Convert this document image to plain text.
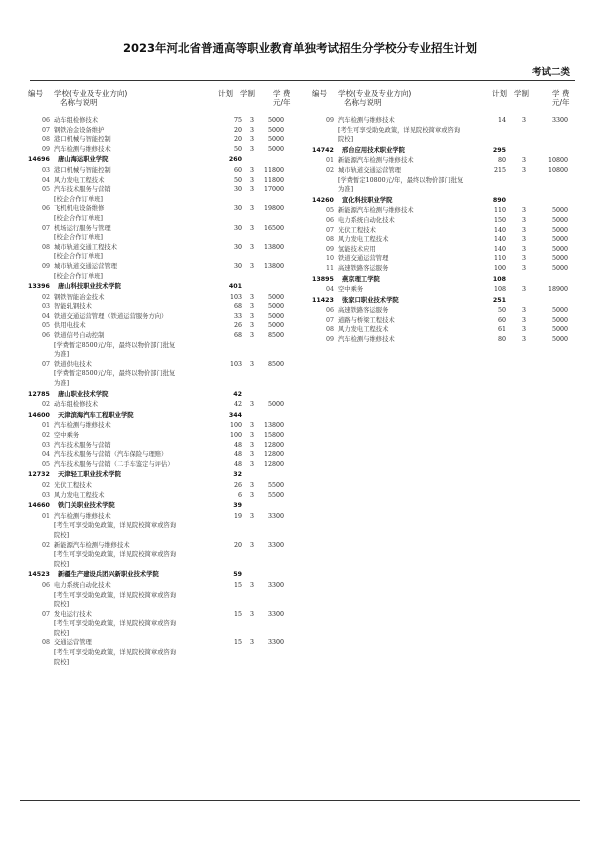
2023年河北省普通高等职业教育单独考试招生分学校分专业招生计划
考试二类
编号 学校(专业及专业方向)
名称与说明
计划 学制 学 费
元/年
06 动车组检修技术	75	3	5000
07 钢铁冶金设备维护	20	3	5000
08 港口机械与智能控制	20	3	5000
09 汽车检测与维修技术	50	3	5000
14696 唐山海运职业学院	260
03 港口机械与智能控制	60	3	11800
04 风力发电工程技术	50	3	11800
05 汽车技术服务与营销	30	3	17000
[校企合作订单班]
06 飞机机电设备维修	30	3	19800
[校企合作订单班]
07 机场运行服务与管理	30	3	16500
[校企合作订单班]
08 城市轨道交通工程技术	30	3	13800
[校企合作订单班]
09 城市轨道交通运营管理	30	3	13800
[校企合作订单班]
13396 唐山科技职业技术学院	401
02 钢铁智能冶金技术	103	3	5000
03 智能轧钢技术	68	3	5000
04 铁道交通运营管理（铁道运营服务方向）	33	3	5000
05 供用电技术	26	3	5000
06 铁道信号自动控制	68	3	8500
[学费暂定8500元/年，最终以物价部门批复
为准]
07 铁道供电技术	103	3	8500
[学费暂定8500元/年，最终以物价部门批复
为准]
12785 唐山职业技术学院	42
02 动车组检修技术	42	3	5000
14600 天津滨海汽车工程职业学院	344
01 汽车检测与维修技术	100	3	13800
02 空中乘务	100	3	15800
03 汽车技术服务与营销	48	3	12800
04 汽车技术服务与营销（汽车保险与理赔）	48	3	12800
05 汽车技术服务与营销（二手车鉴定与评估）	48	3	12800
12732 天津轻工职业技术学院	32
02 光伏工程技术	26	3	5500
03 风力发电工程技术	6	3	5500
14660 铁门关职业技术学院	39
01 汽车检测与维修技术	19	3	3300
[考生可享受助免政策，详见院校简章或咨询
院校]
02 新能源汽车检测与维修技术	20	3	3300
[考生可享受助免政策，详见院校简章或咨询
院校]
14523 新疆生产建设兵团兴新职业技术学院	59
06 电力系统自动化技术	15	3	3300
[考生可享受助免政策，详见院校简章或咨询
院校]
07 发电运行技术	15	3	3300
[考生可享受助免政策，详见院校简章或咨询
院校]
08 交通运营管理	15	3	3300
[考生可享受助免政策，详见院校简章或咨询
院校]
编号 学校(专业及专业方向)
名称与说明
计划 学制	学 费
元/年
09 汽车检测与维修技术	14	3	3300
[考生可享受助免政策，详见院校简章或咨询
院校]
14742 邢台应用技术职业学院	295
01 新能源汽车检测与维修技术	80	3	10800
02 城市轨道交通运营管理	215	3	10800
[学费暂定10800元/年，最终以物价部门批复
为准]
14260 宣化科技职业学院	890
05 新能源汽车检测与维修技术	110	3	5000
06 电力系统自动化技术	150	3	5000
07 光伏工程技术	140	3	5000
08 风力发电工程技术	140	3	5000
09 氢能技术应用	140	3	5000
10 铁道交通运营管理	110	3	5000
11 高速铁路客运服务	100	3	5000
13895 燕京理工学院	108
04 空中乘务	108	3	18900
11423 张家口职业技术学院	251
06 高速铁路客运服务	50	3	5000
07 道路与桥梁工程技术	60	3	5000
08 风力发电工程技术	61	3	5000
09 汽车检测与维修技术	80	3	5000
